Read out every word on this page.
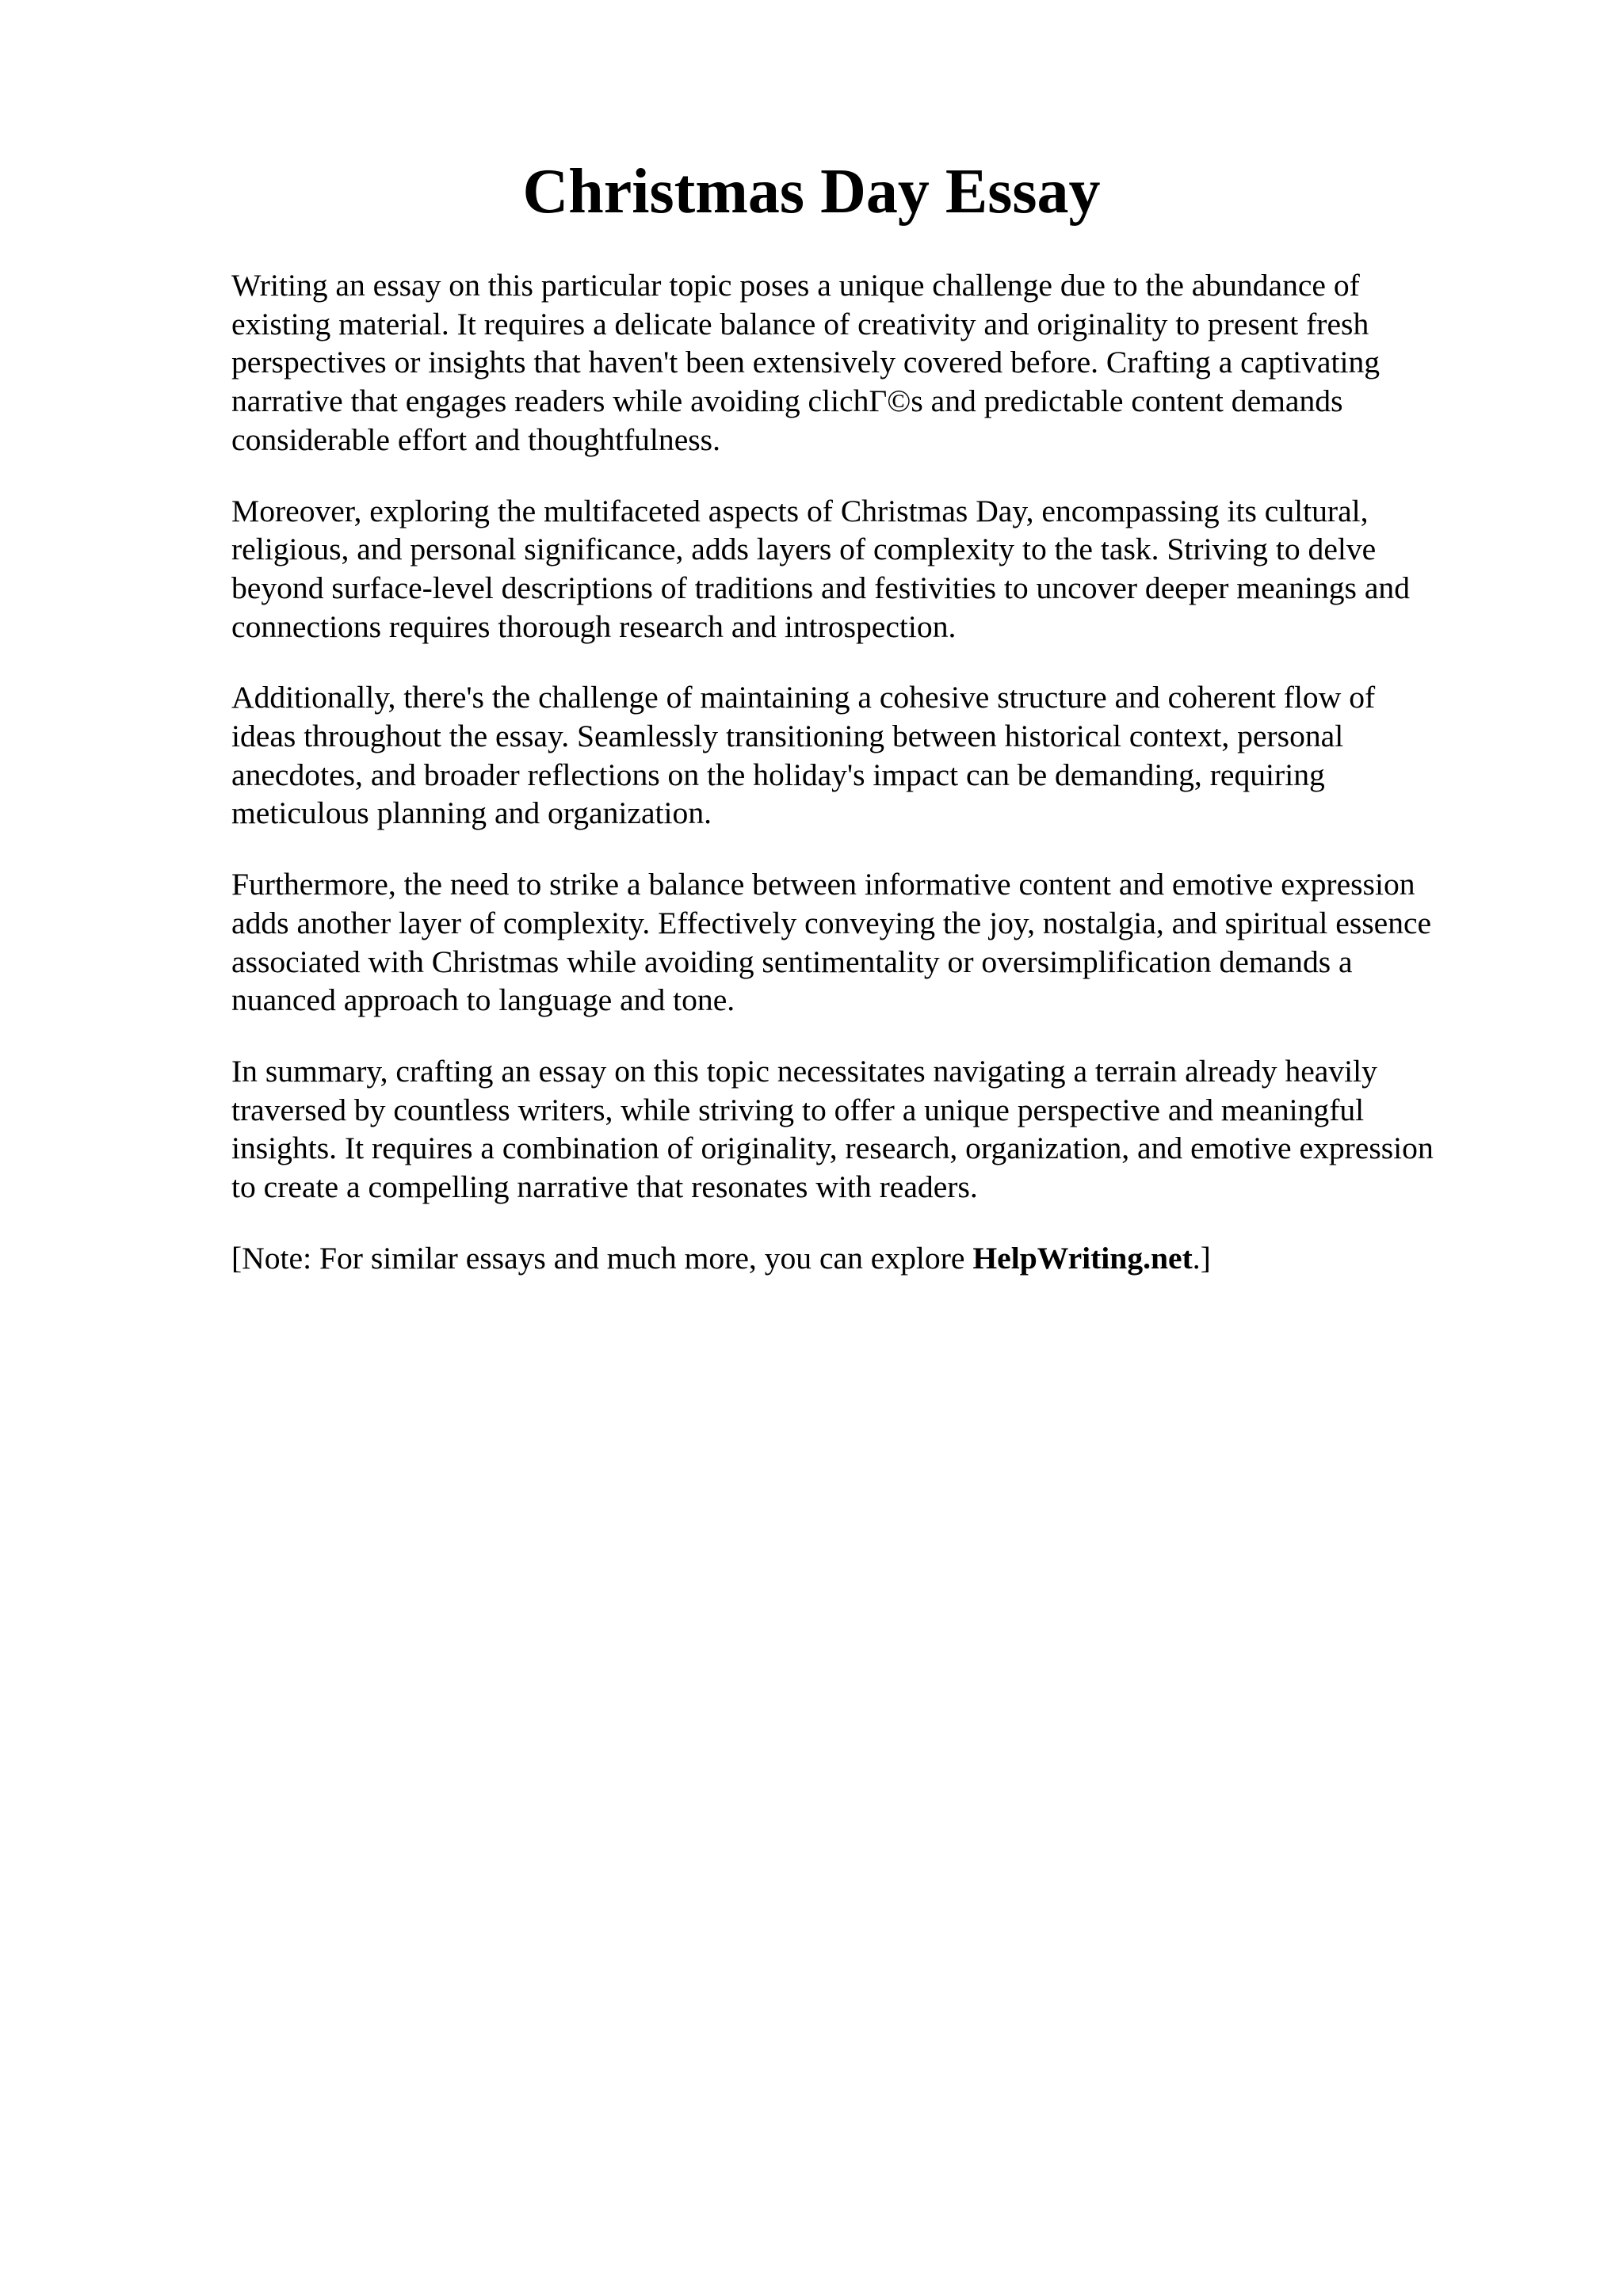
Christmas Day Essay

Writing an essay on this particular topic poses a unique challenge due to the abundance of
existing material. It requires a delicate balance of creativity and originality to present fresh
perspectives or insights that haven't been extensively covered before. Crafting a captivating
narrative that engages readers while avoiding clichΓ©s and predictable content demands
considerable effort and thoughtfulness.

Moreover, exploring the multifaceted aspects of Christmas Day, encompassing its cultural,
religious, and personal significance, adds layers of complexity to the task. Striving to delve
beyond surface-level descriptions of traditions and festivities to uncover deeper meanings and
connections requires thorough research and introspection.

Additionally, there's the challenge of maintaining a cohesive structure and coherent flow of
ideas throughout the essay. Seamlessly transitioning between historical context, personal
anecdotes, and broader reflections on the holiday's impact can be demanding, requiring
meticulous planning and organization.

Furthermore, the need to strike a balance between informative content and emotive expression
adds another layer of complexity. Effectively conveying the joy, nostalgia, and spiritual essence
associated with Christmas while avoiding sentimentality or oversimplification demands a
nuanced approach to language and tone.

In summary, crafting an essay on this topic necessitates navigating a terrain already heavily
traversed by countless writers, while striving to offer a unique perspective and meaningful
insights. It requires a combination of originality, research, organization, and emotive expression
to create a compelling narrative that resonates with readers.

[Note: For similar essays and much more, you can explore HelpWriting.net.]
